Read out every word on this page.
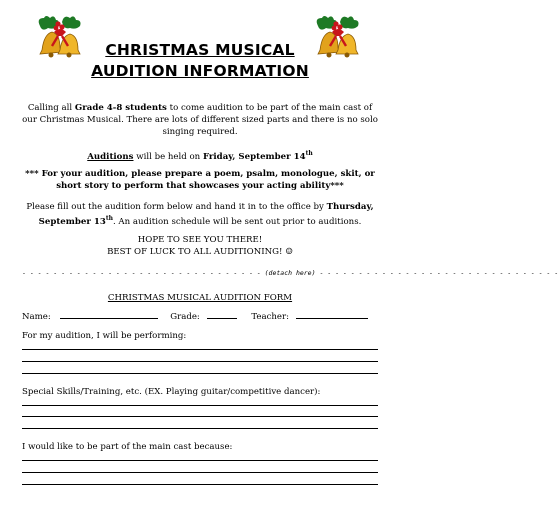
CHRISTMAS MUSICAL
AUDITION INFORMATION
Calling all Grade 4-8 students to come audition to be part of the main cast of our Christmas Musical. There are lots of different sized parts and there is no solo singing required.
Auditions will be held on Friday, September 14th
*** For your audition, please prepare a poem, psalm, monologue, skit, or short story to perform that showcases your acting ability***
Please fill out the audition form below and hand it in to the office by Thursday, September 13th. An audition schedule will be sent out prior to auditions.
HOPE TO SEE YOU THERE!
BEST OF LUCK TO ALL AUDITIONING! ☺
- - - - - - - - - - - - - - - - - - - - - - - - - - - - - - - (detach here) - - - - - - - - - - - - - - - - - - - - - - - - - - - - - - -
CHRISTMAS MUSICAL AUDITION FORM
Name:	Grade:	Teacher:
For my audition, I will be performing:
Special Skills/Training, etc. (EX. Playing guitar/competitive dancer):
I would like to be part of the main cast because:
